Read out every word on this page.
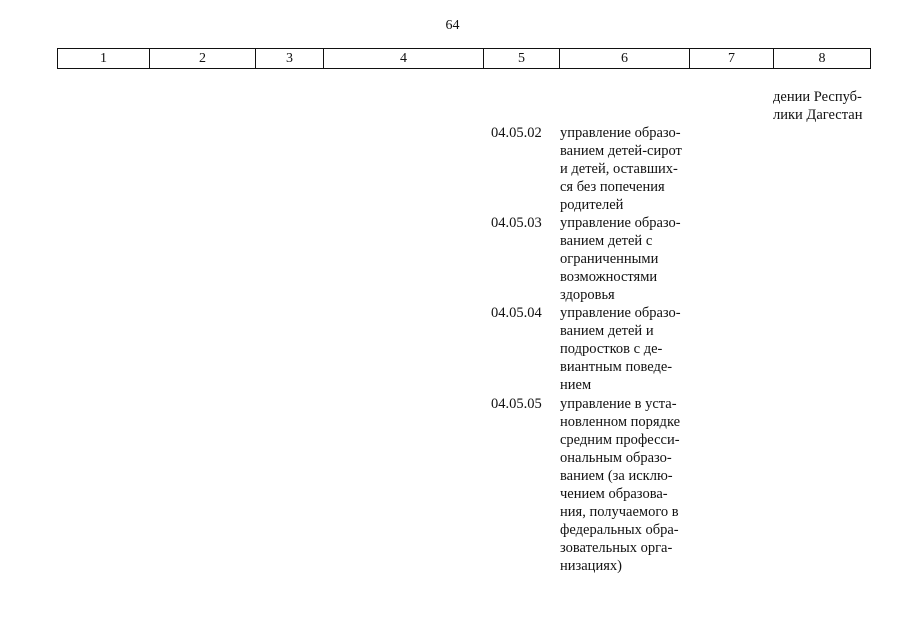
64
1	2	3	4	5	6	7	8
дении Респуб-
лики Дагестан
04.05.02	управление образо-
ванием детей-сирот
и детей, оставших-
ся без попечения
родителей
04.05.03	управление образо-
ванием детей с
ограниченными
возможностями
здоровья
04.05.04	управление образо-
ванием детей и
подростков с де-
виантным поведе-
нием
04.05.05	управление в уста-
новленном порядке
средним професси-
ональным образо-
ванием (за исклю-
чением образова-
ния, получаемого в
федеральных обра-
зовательных орга-
низациях)
